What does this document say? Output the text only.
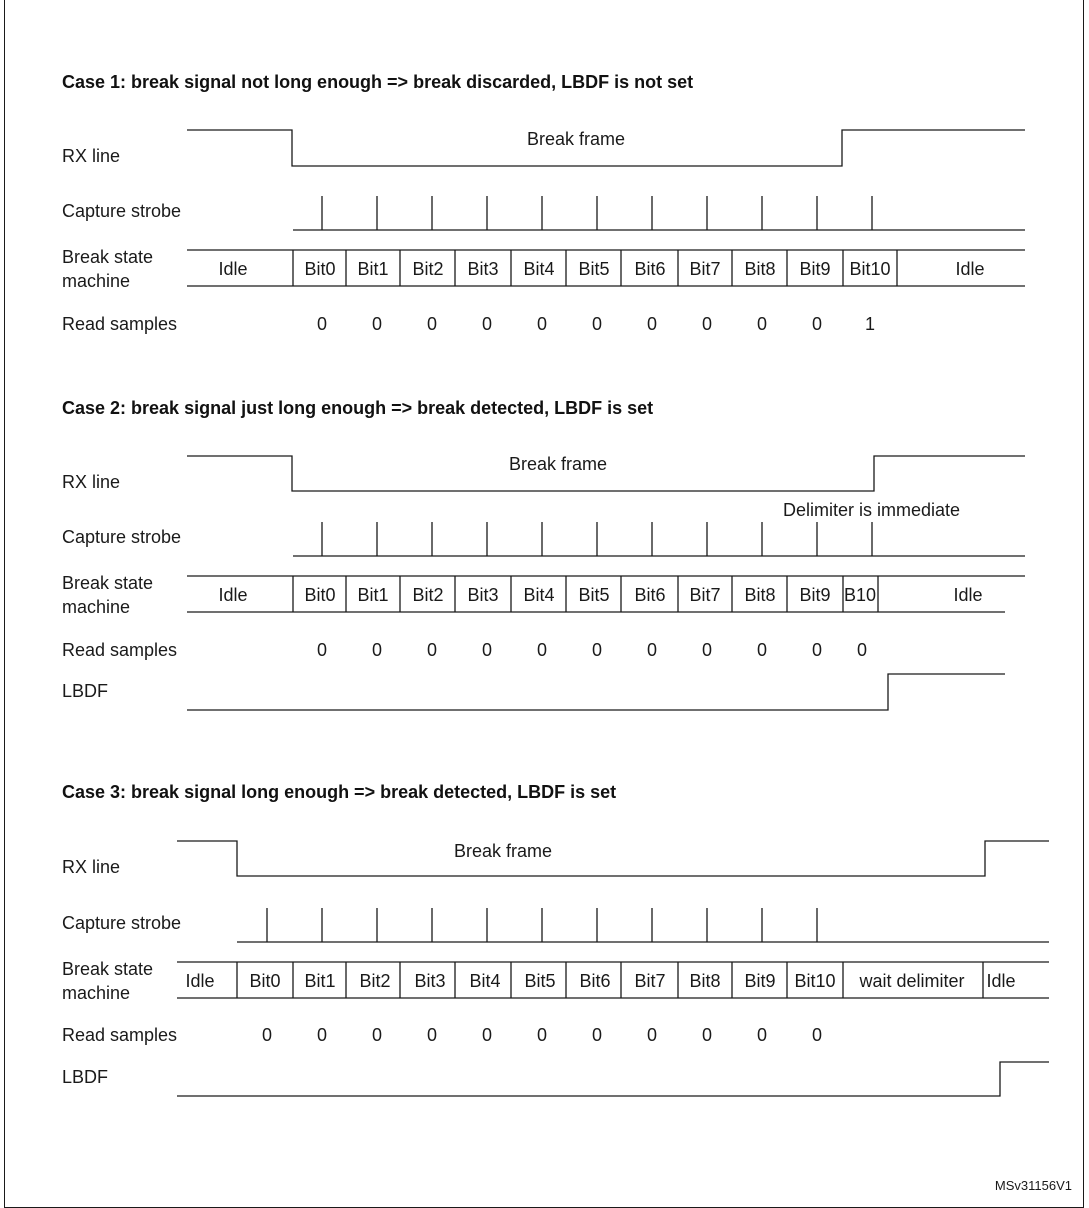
Case 1: break signal not long enough => break discarded, LBDF is not set
RX line
Break frame
Capture strobe
Break state
machine
Idle	Bit0 Bit1 Bit2 Bit3 Bit4 Bit5 Bit6 Bit7 Bit8 Bit9 Bit10	Idle
Read samples	0 0 0 0 0 0 0 0 0 0 1
Case 2: break signal just long enough => break detected, LBDF is set
RX line
Break frame
Delimiter is immediate
Capture strobe
Break state
machine
Idle	Bit0 Bit1 Bit2 Bit3 Bit4 Bit5 Bit6 Bit7 Bit8 Bit9 B10	Idle
Read samples	0 0 0 0 0 0 0 0 0 0 0
LBDF
Case 3: break signal long enough => break detected, LBDF is set
RX line
Break frame
Capture strobe
Break state
machine
Idle Bit0 Bit1 Bit2 Bit3 Bit4 Bit5 Bit6 Bit7 Bit8 Bit9 Bit10 wait delimiter Idle
Read samples	0 0 0 0 0 0 0 0 0 0 0
LBDF
MSv31156V1
